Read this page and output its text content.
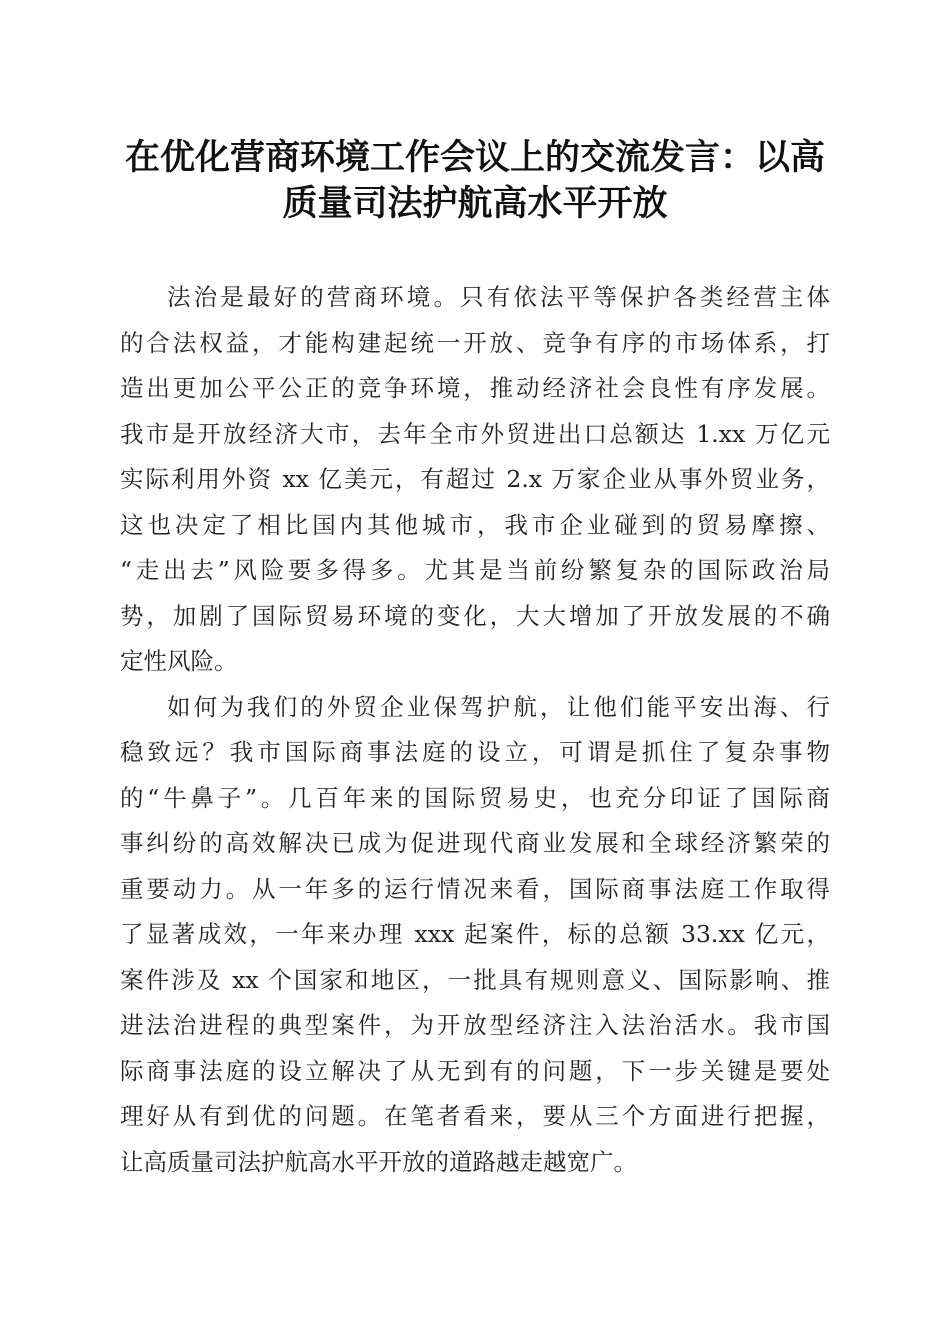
在优化营商环境工作会议上的交流发言：以高
质量司法护航高水平开放
法治是最好的营商环境。只有依法平等保护各类经营主体
的合法权益，才能构建起统一开放、竞争有序的市场体系，打
造出更加公平公正的竞争环境，推动经济社会良性有序发展。
我市是开放经济大市，去年全市外贸进出口总额达 1.xx 万亿元
实际利用外资 xx 亿美元，有超过 2.x 万家企业从事外贸业务，
这也决定了相比国内其他城市，我市企业碰到的贸易摩擦、
“走出去”风险要多得多。尤其是当前纷繁复杂的国际政治局
势，加剧了国际贸易环境的变化，大大增加了开放发展的不确
定性风险。
如何为我们的外贸企业保驾护航，让他们能平安出海、行
稳致远？我市国际商事法庭的设立，可谓是抓住了复杂事物
的“牛鼻子”。几百年来的国际贸易史，也充分印证了国际商
事纠纷的高效解决已成为促进现代商业发展和全球经济繁荣的
重要动力。从一年多的运行情况来看，国际商事法庭工作取得
了显著成效，一年来办理 xxx 起案件，标的总额 33.xx 亿元，
案件涉及 xx 个国家和地区，一批具有规则意义、国际影响、推
进法治进程的典型案件，为开放型经济注入法治活水。我市国
际商事法庭的设立解决了从无到有的问题，下一步关键是要处
理好从有到优的问题。在笔者看来，要从三个方面进行把握，
让高质量司法护航高水平开放的道路越走越宽广。
